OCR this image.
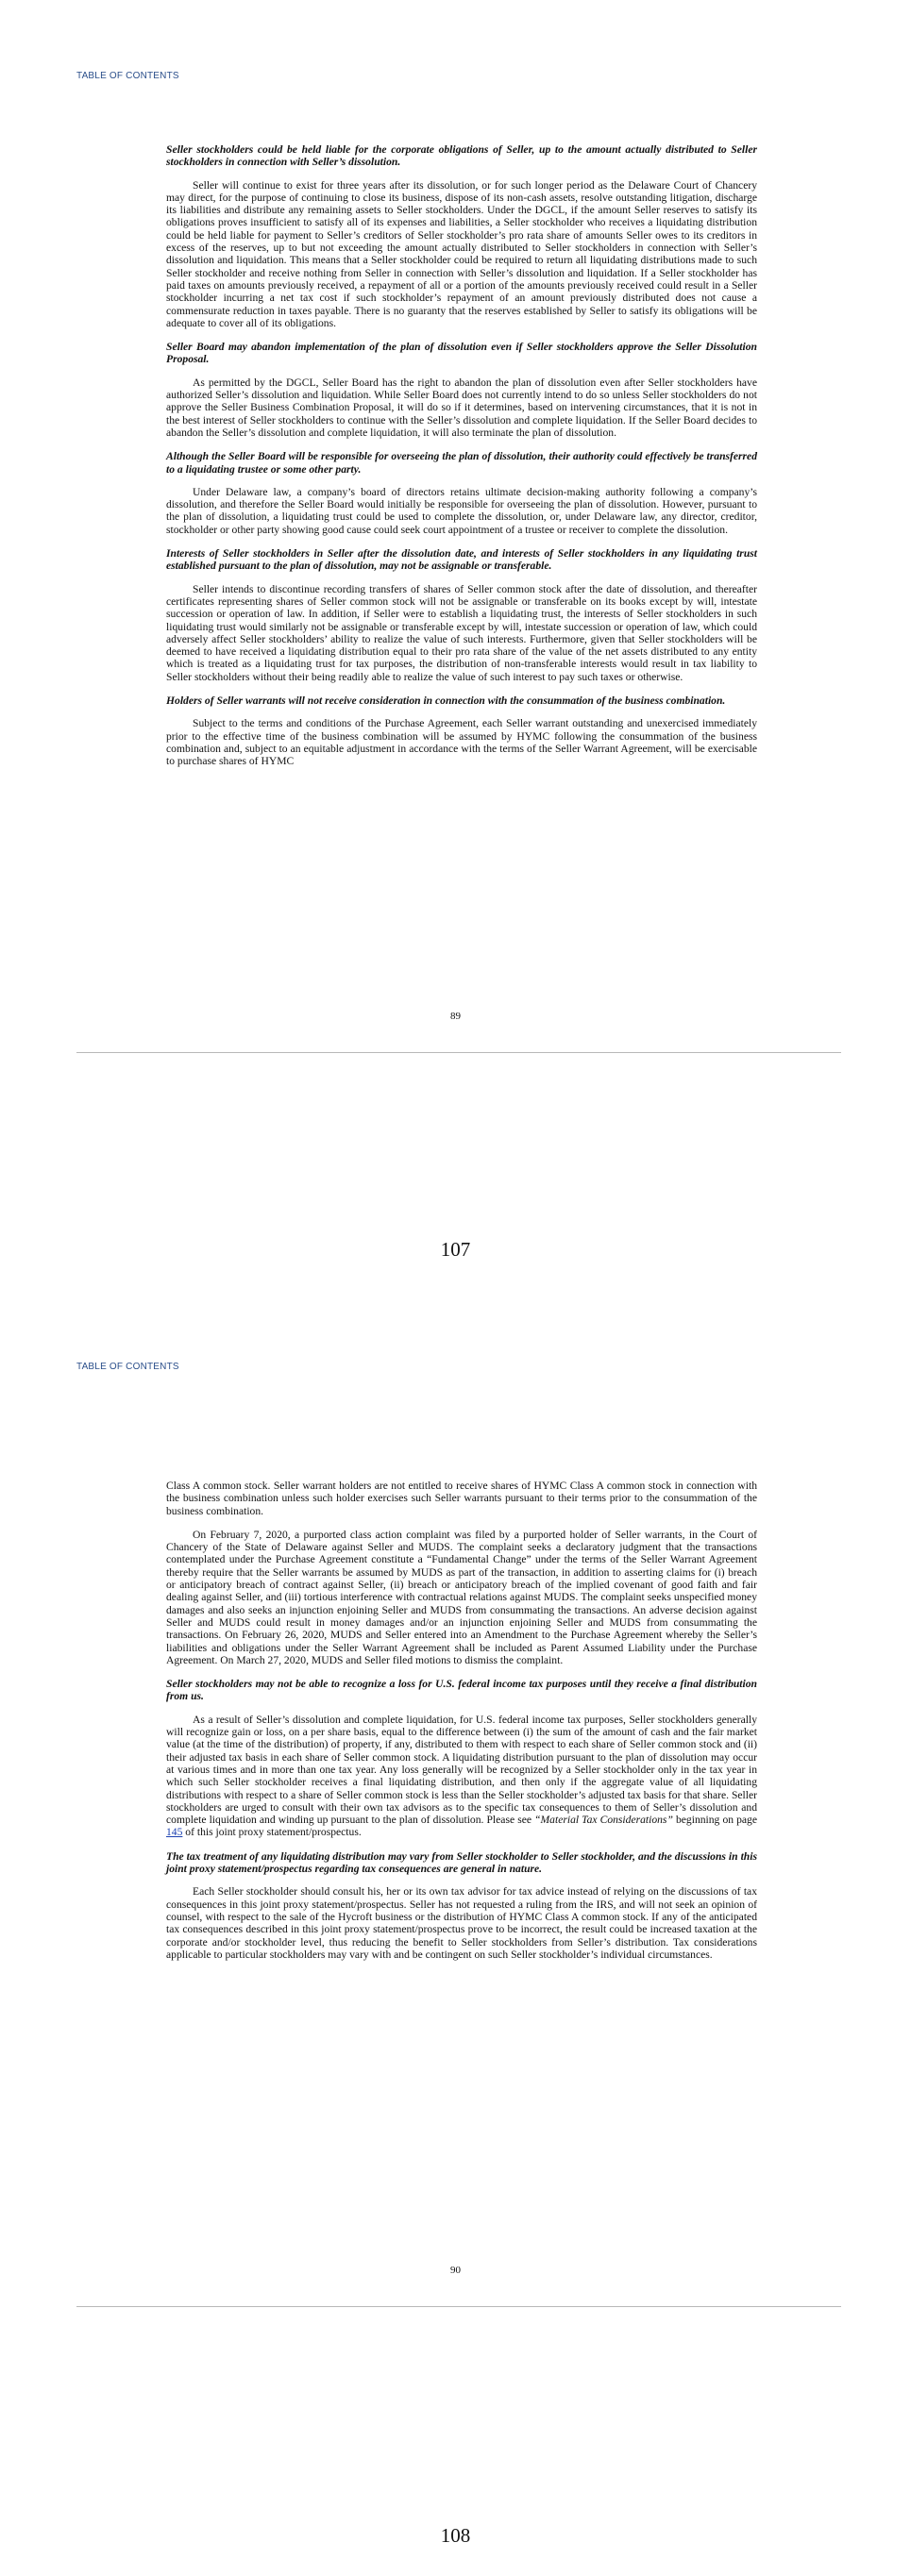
TABLE OF CONTENTS

Seller stockholders could be held liable for the corporate obligations of Seller, up to the amount actually distributed to Seller stockholders in connection with Seller’s dissolution.

Seller will continue to exist for three years after its dissolution, or for such longer period as the Delaware Court of Chancery may direct, for the purpose of continuing to close its business, dispose of its non-cash assets, resolve outstanding litigation, discharge its liabilities and distribute any remaining assets to Seller stockholders. Under the DGCL, if the amount Seller reserves to satisfy its obligations proves insufficient to satisfy all of its expenses and liabilities, a Seller stockholder who receives a liquidating distribution could be held liable for payment to Seller’s creditors of Seller stockholder’s pro rata share of amounts Seller owes to its creditors in excess of the reserves, up to but not exceeding the amount actually distributed to Seller stockholders in connection with Seller’s dissolution and liquidation. This means that a Seller stockholder could be required to return all liquidating distributions made to such Seller stockholder and receive nothing from Seller in connection with Seller’s dissolution and liquidation. If a Seller stockholder has paid taxes on amounts previously received, a repayment of all or a portion of the amounts previously received could result in a Seller stockholder incurring a net tax cost if such stockholder’s repayment of an amount previously distributed does not cause a commensurate reduction in taxes payable. There is no guaranty that the reserves established by Seller to satisfy its obligations will be adequate to cover all of its obligations.

Seller Board may abandon implementation of the plan of dissolution even if Seller stockholders approve the Seller Dissolution Proposal.

As permitted by the DGCL, Seller Board has the right to abandon the plan of dissolution even after Seller stockholders have authorized Seller’s dissolution and liquidation. While Seller Board does not currently intend to do so unless Seller stockholders do not approve the Seller Business Combination Proposal, it will do so if it determines, based on intervening circumstances, that it is not in the best interest of Seller stockholders to continue with the Seller’s dissolution and complete liquidation. If the Seller Board decides to abandon the Seller’s dissolution and complete liquidation, it will also terminate the plan of dissolution.

Although the Seller Board will be responsible for overseeing the plan of dissolution, their authority could effectively be transferred to a liquidating trustee or some other party.

Under Delaware law, a company’s board of directors retains ultimate decision-making authority following a company’s dissolution, and therefore the Seller Board would initially be responsible for overseeing the plan of dissolution. However, pursuant to the plan of dissolution, a liquidating trust could be used to complete the dissolution, or, under Delaware law, any director, creditor, stockholder or other party showing good cause could seek court appointment of a trustee or receiver to complete the dissolution.

Interests of Seller stockholders in Seller after the dissolution date, and interests of Seller stockholders in any liquidating trust established pursuant to the plan of dissolution, may not be assignable or transferable.

Seller intends to discontinue recording transfers of shares of Seller common stock after the date of dissolution, and thereafter certificates representing shares of Seller common stock will not be assignable or transferable on its books except by will, intestate succession or operation of law. In addition, if Seller were to establish a liquidating trust, the interests of Seller stockholders in such liquidating trust would similarly not be assignable or transferable except by will, intestate succession or operation of law, which could adversely affect Seller stockholders’ ability to realize the value of such interests. Furthermore, given that Seller stockholders will be deemed to have received a liquidating distribution equal to their pro rata share of the value of the net assets distributed to any entity which is treated as a liquidating trust for tax purposes, the distribution of non-transferable interests would result in tax liability to Seller stockholders without their being readily able to realize the value of such interest to pay such taxes or otherwise.

Holders of Seller warrants will not receive consideration in connection with the consummation of the business combination.

Subject to the terms and conditions of the Purchase Agreement, each Seller warrant outstanding and unexercised immediately prior to the effective time of the business combination will be assumed by HYMC following the consummation of the business combination and, subject to an equitable adjustment in accordance with the terms of the Seller Warrant Agreement, will be exercisable to purchase shares of HYMC

89
107
TABLE OF CONTENTS

Class A common stock. Seller warrant holders are not entitled to receive shares of HYMC Class A common stock in connection with the business combination unless such holder exercises such Seller warrants pursuant to their terms prior to the consummation of the business combination.

On February 7, 2020, a purported class action complaint was filed by a purported holder of Seller warrants, in the Court of Chancery of the State of Delaware against Seller and MUDS. The complaint seeks a declaratory judgment that the transactions contemplated under the Purchase Agreement constitute a “Fundamental Change” under the terms of the Seller Warrant Agreement thereby require that the Seller warrants be assumed by MUDS as part of the transaction, in addition to asserting claims for (i) breach or anticipatory breach of contract against Seller, (ii) breach or anticipatory breach of the implied covenant of good faith and fair dealing against Seller, and (iii) tortious interference with contractual relations against MUDS. The complaint seeks unspecified money damages and also seeks an injunction enjoining Seller and MUDS from consummating the transactions. An adverse decision against Seller and MUDS could result in money damages and/or an injunction enjoining Seller and MUDS from consummating the transactions. On February 26, 2020, MUDS and Seller entered into an Amendment to the Purchase Agreement whereby the Seller’s liabilities and obligations under the Seller Warrant Agreement shall be included as Parent Assumed Liability under the Purchase Agreement. On March 27, 2020, MUDS and Seller filed motions to dismiss the complaint.

Seller stockholders may not be able to recognize a loss for U.S. federal income tax purposes until they receive a final distribution from us.

As a result of Seller’s dissolution and complete liquidation, for U.S. federal income tax purposes, Seller stockholders generally will recognize gain or loss, on a per share basis, equal to the difference between (i) the sum of the amount of cash and the fair market value (at the time of the distribution) of property, if any, distributed to them with respect to each share of Seller common stock and (ii) their adjusted tax basis in each share of Seller common stock. A liquidating distribution pursuant to the plan of dissolution may occur at various times and in more than one tax year. Any loss generally will be recognized by a Seller stockholder only in the tax year in which such Seller stockholder receives a final liquidating distribution, and then only if the aggregate value of all liquidating distributions with respect to a share of Seller common stock is less than the Seller stockholder’s adjusted tax basis for that share. Seller stockholders are urged to consult with their own tax advisors as to the specific tax consequences to them of Seller’s dissolution and complete liquidation and winding up pursuant to the plan of dissolution. Please see “Material Tax Considerations” beginning on page 145 of this joint proxy statement/prospectus.

The tax treatment of any liquidating distribution may vary from Seller stockholder to Seller stockholder, and the discussions in this joint proxy statement/prospectus regarding tax consequences are general in nature.

Each Seller stockholder should consult his, her or its own tax advisor for tax advice instead of relying on the discussions of tax consequences in this joint proxy statement/prospectus. Seller has not requested a ruling from the IRS, and will not seek an opinion of counsel, with respect to the sale of the Hycroft business or the distribution of HYMC Class A common stock. If any of the anticipated tax consequences described in this joint proxy statement/prospectus prove to be incorrect, the result could be increased taxation at the corporate and/or stockholder level, thus reducing the benefit to Seller stockholders from Seller’s distribution. Tax considerations applicable to particular stockholders may vary with and be contingent on such Seller stockholder’s individual circumstances.

90
108
